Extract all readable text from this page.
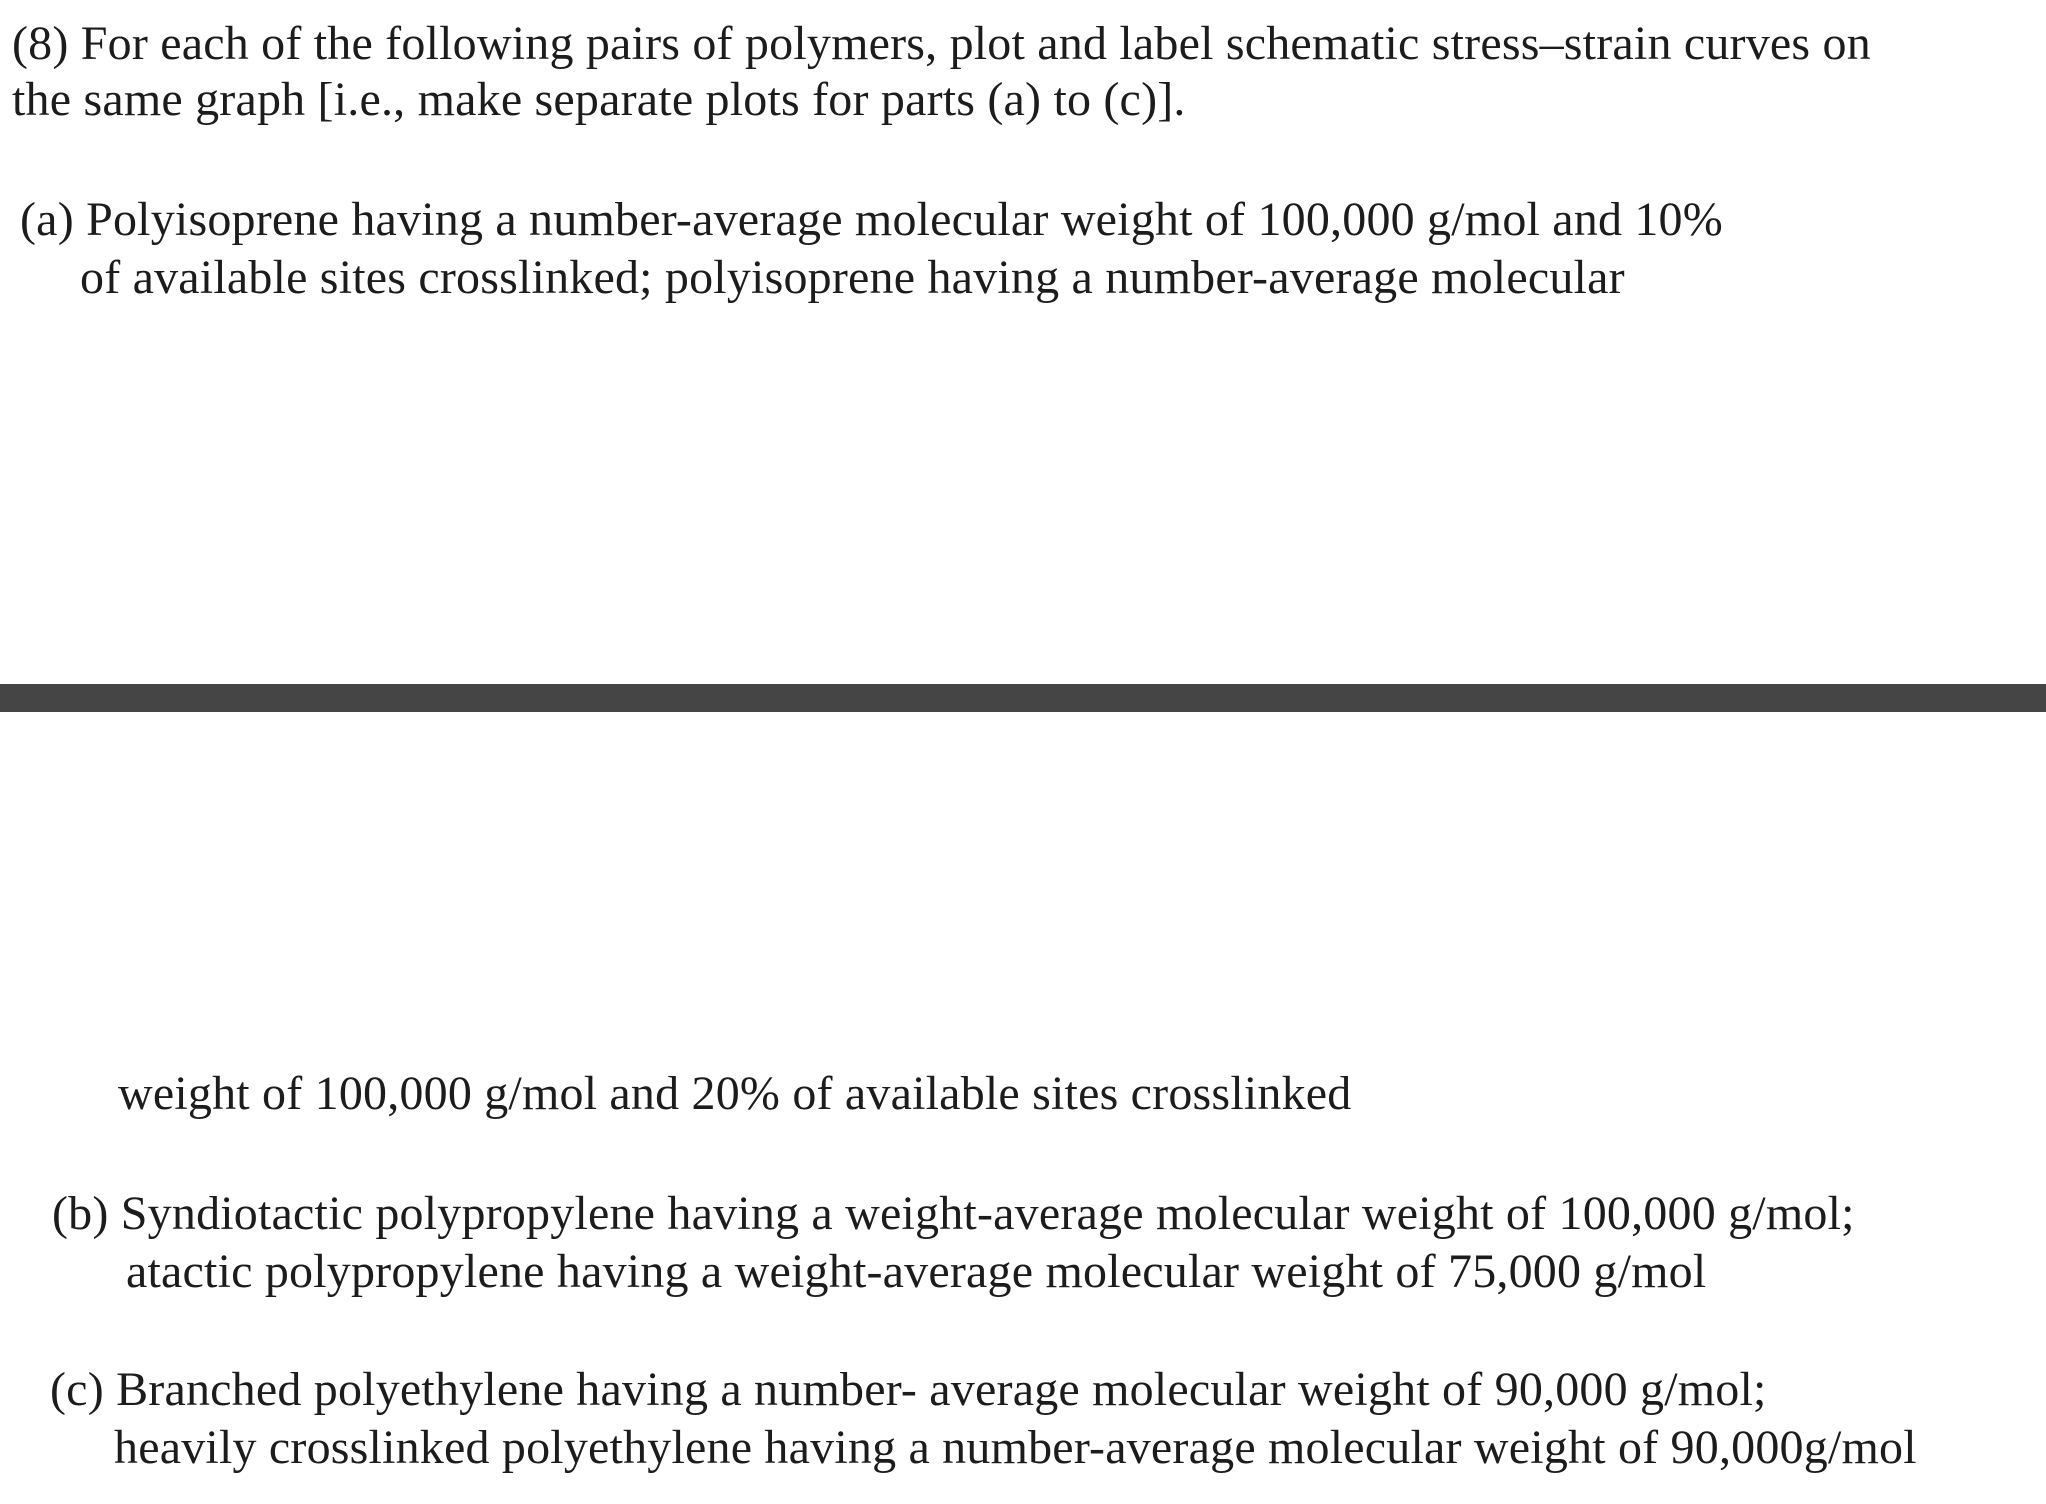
(8) For each of the following pairs of polymers, plot and label schematic stress–strain curves on
the same graph [i.e., make separate plots for parts (a) to (c)].
(a) Polyisoprene having a number-average molecular weight of 100,000 g/mol and 10%
of available sites crosslinked; polyisoprene having a number-average molecular
weight of 100,000 g/mol and 20% of available sites crosslinked
(b) Syndiotactic polypropylene having a weight-average molecular weight of 100,000 g/mol;
atactic polypropylene having a weight-average molecular weight of 75,000 g/mol
(c) Branched polyethylene having a number- average molecular weight of 90,000 g/mol;
heavily crosslinked polyethylene having a number-average molecular weight of 90,000g/mol
